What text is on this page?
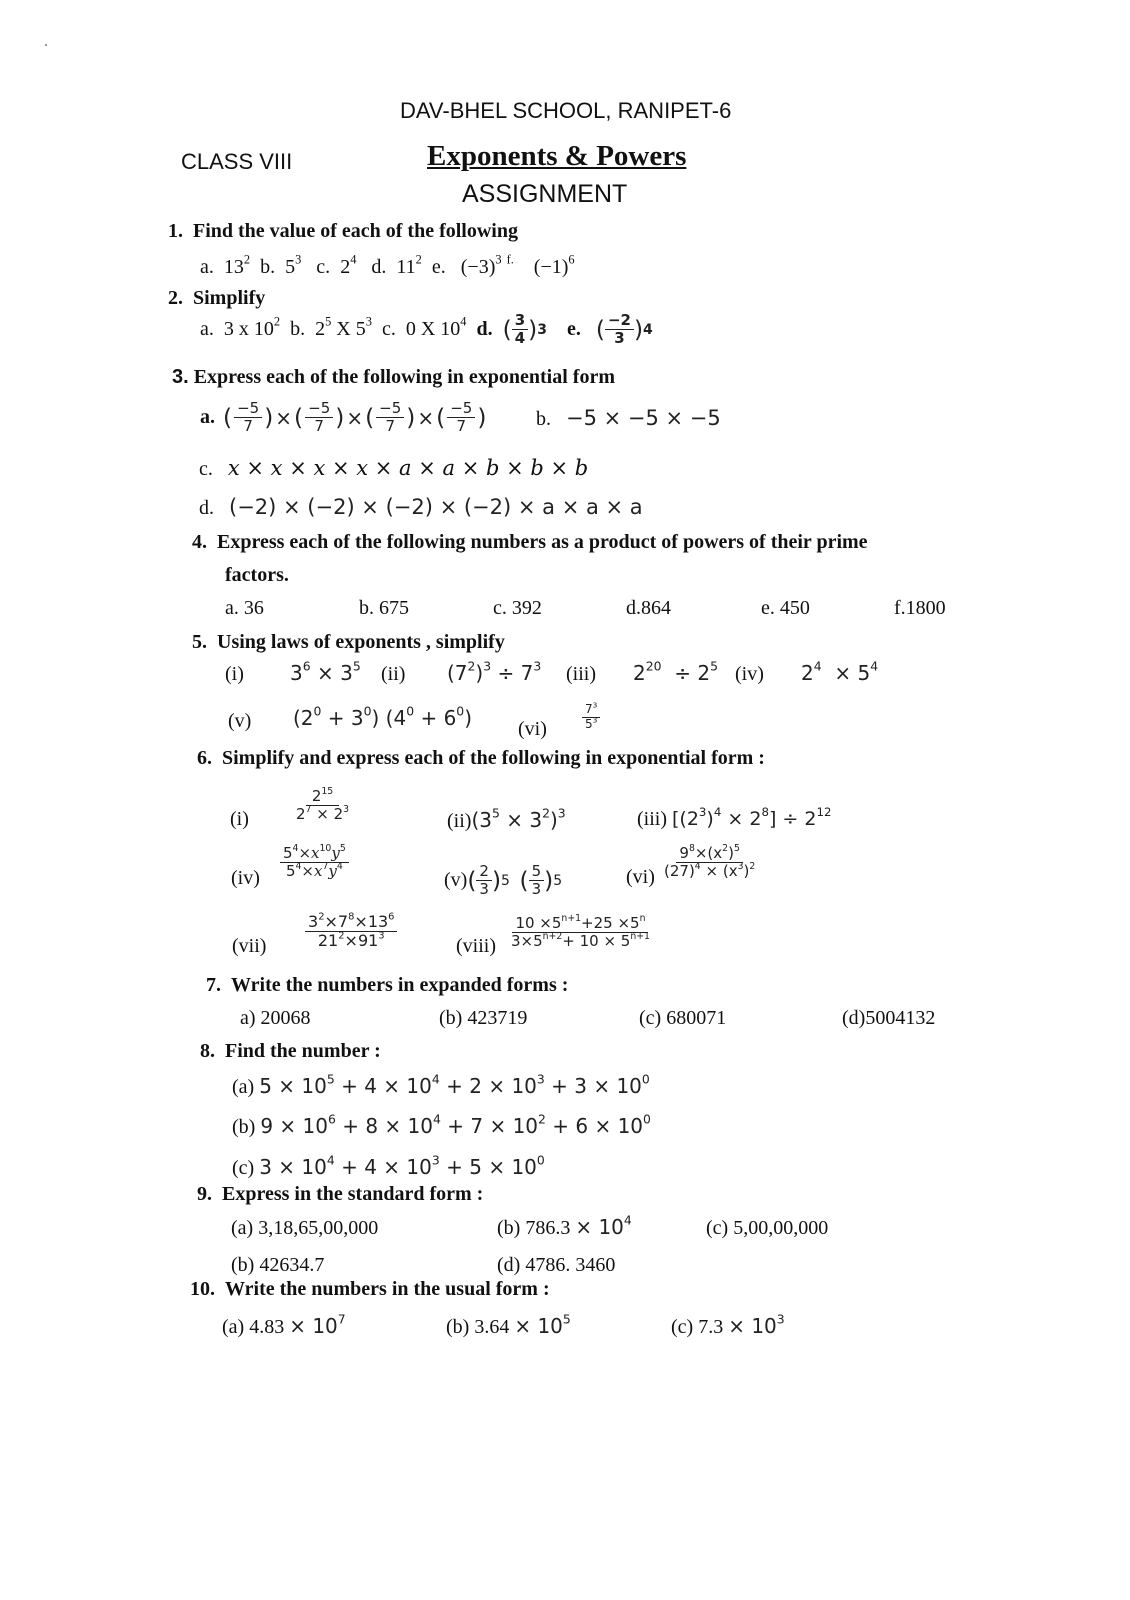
DAV-BHEL SCHOOL, RANIPET-6
CLASS VIII	Exponents & Powers
ASSIGNMENT
1. Find the value of each of the following
a. $13^2$ b. $5^3$ c. $2^4$ d. $11^2$ e. $(-3)^3$ $^{f.}$ $(-1)^6$
2. Simplify
a.
3 x $10^2$
b.
$2^5$ X $5^3$
c.
0 X $10^4$
d.
( $\frac{3}{4}$ ) 3
e.
( $\frac{-2}{3}$ ) 4
3. Express each of the following in exponential form
a.
( $\frac{-5}{7}$ ) × ( $\frac{-5}{7}$ ) × ( $\frac{-5}{7}$ ) × ( $\frac{-5}{7}$ ) b. −5 × −5 × −5
c. x × x × x × x × a × a × b × b × b
d. (−2) × (−2) × (−2) × (−2) × a × a × a
4. Express each of the following numbers as a product of powers of their prime
factors.
a. 36	b. 675	c. 392	d.864	e. 450	f.1800
5. Using laws of exponents , simplify
(i) $3^6 \times 3^5$ (ii) $(7^2)^3 \div 7^3$ (iii) $2^{20} \div 2^5$ (iv) $2^4 \times 5^4$
(v) $(2^0 + 3^0) (4^0 + 6^0)$ (vi)	$\frac{7^3}{5^3}$
6. Simplify and express each of the following in exponential form :
(i)	$\frac{2^{15}}{2^7 \times 2^3}$	$(ii)(3^5 \times 3^2)^3$	(iii) $[(2^3)^4 \times 2^8] \div 2^{12}$
$(iv) \frac{5^4\times x^{10}y^5}{5^4\times x^7y^4}$	(v) ( $\frac{2}{3}$ ) 5

( $\frac{5}{3}$ ) 5	$(vi) \frac{9^8\times(x^2)^5}{(27)^4 \times (x^3)^2}$
$(vii) \frac{3^2\times 7^8\times 13^6}{21^2\times 91^3}$	(viii) $\frac{10 \times 5^{n+1}+25 \times 5^n}{3\times 5^{n+2}+ 10 \times 5^{n+1}}$
7. Write the numbers in expanded forms :
a) 20068	(b) 423719	(c) 680071	(d)5004132
8. Find the number :
(a) $5 \times 10^5 + 4 \times 10^4 + 2 \times 10^3 + 3 \times 10^0$
(b) $9 \times 10^6 + 8 \times 10^4 + 7 \times 10^2 + 6 \times 10^0$
(c) $3 \times 10^4 + 4 \times 10^3 + 5 \times 10^0$
9. Express in the standard form :
(a) 3,18,65,00,000	(b) $786.3 \times 10^4$	(c) 5,00,00,000
(b) 42634.7	(d) 4786. 3460
10. Write the numbers in the usual form :
(a) $4.83 \times 10^7$	(b) $3.64 \times 10^5$	(c) $7.3 \times 10^3$
